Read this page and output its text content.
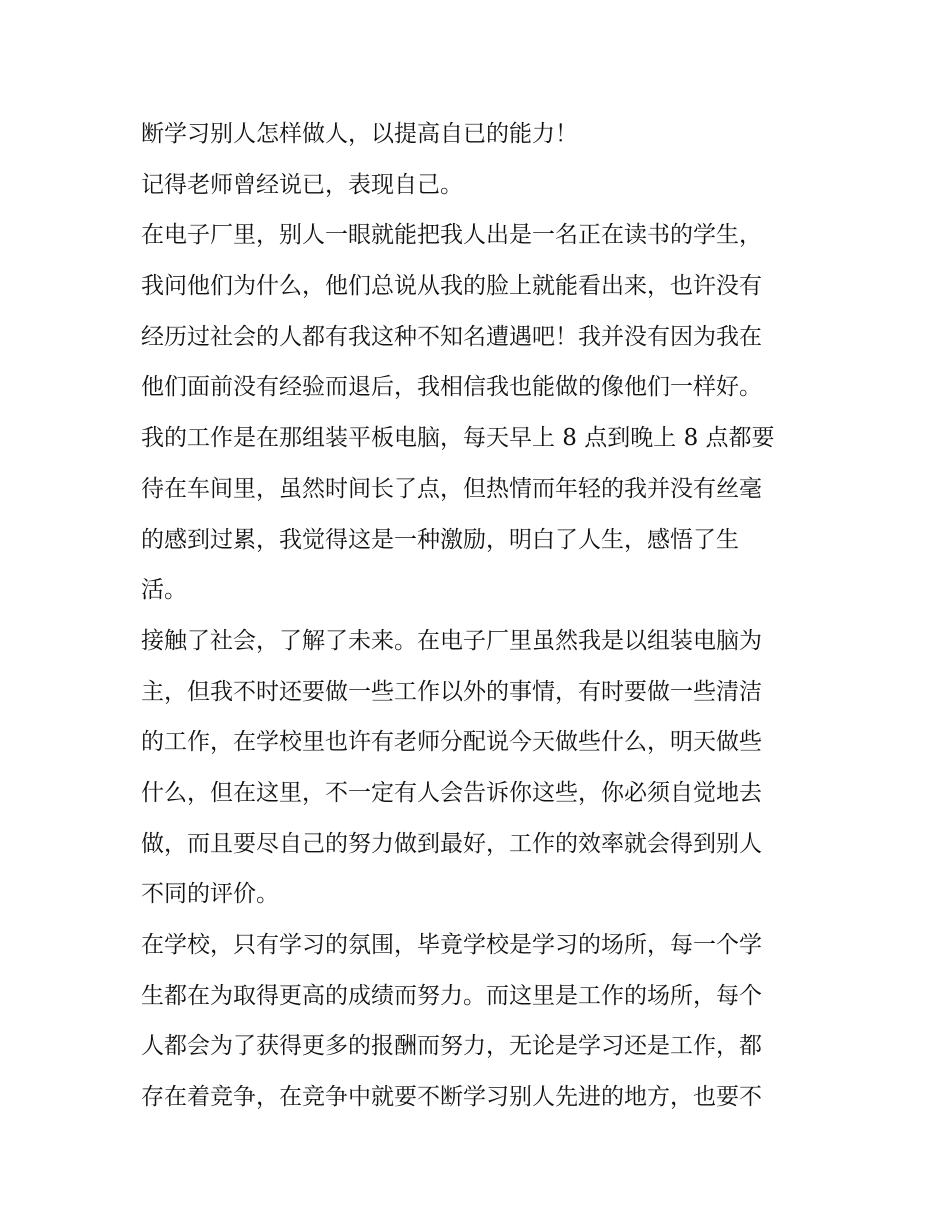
断学习别人怎样做人，以提高自已的能力！
记得老师曾经说已，表现自己。
在电子厂里，别人一眼就能把我人出是一名正在读书的学生，
我问他们为什么，他们总说从我的脸上就能看出来，也许没有
经历过社会的人都有我这种不知名遭遇吧！我并没有因为我在
他们面前没有经验而退后，我相信我也能做的像他们一样好。
我的工作是在那组装平板电脑，每天早上 8 点到晚上 8 点都要
待在车间里，虽然时间长了点，但热情而年轻的我并没有丝毫
的感到过累，我觉得这是一种激励，明白了人生，感悟了生
活。
接触了社会，了解了未来。在电子厂里虽然我是以组装电脑为
主，但我不时还要做一些工作以外的事情，有时要做一些清洁
的工作，在学校里也许有老师分配说今天做些什么，明天做些
什么，但在这里，不一定有人会告诉你这些，你必须自觉地去
做，而且要尽自己的努力做到最好，工作的效率就会得到别人
不同的评价。
在学校，只有学习的氛围，毕竟学校是学习的场所，每一个学
生都在为取得更高的成绩而努力。而这里是工作的场所，每个
人都会为了获得更多的报酬而努力，无论是学习还是工作，都
存在着竞争，在竞争中就要不断学习别人先进的地方，也要不
